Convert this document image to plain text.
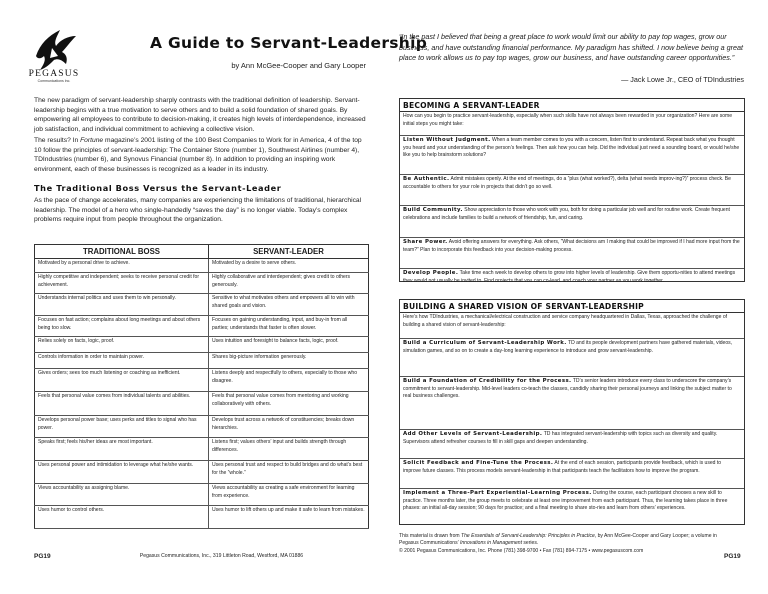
PEGASUS
Communications Inc.
A Guide to Servant-Leadership
by Ann McGee-Cooper and Gary Looper
“In the past I believed that being a great place to work would limit our ability to pay top wages, grow our business, and have outstanding financial performance. My paradigm has shifted. I now believe being a great place to work allows us to pay top wages, grow our business, and have outstanding career opportunities.”
— Jack Lowe Jr., CEO of TDIndustries
The new paradigm of servant-leadership sharply contrasts with the traditional definition of leadership. Servant-leadership begins with a true motivation to serve others and to build a solid foundation of shared goals. By empowering all employees to contribute to decision-making, it creates high levels of interdependence, increased job satisfaction, and individual commitment to achieving a collective vision.
The results? In Fortune magazine’s 2001 listing of the 100 Best Companies to Work for in America, 4 of the top 10 follow the principles of servant-leadership: The Container Store (number 1), Southwest Airlines (number 4), TDIndustries (number 6), and Synovus Financial (number 8). In addition to providing an inspiring work environment, each of these businesses is recognized as a leader in its industry.
The Traditional Boss Versus the Servant-Leader
As the pace of change accelerates, many companies are experiencing the limitations of traditional, hierarchical leadership. The model of a hero who single-handedly “saves the day” is no longer viable. Today’s complex problems require input from people throughout the organization.
TRADITIONAL BOSS	SERVANT-LEADER
Motivated by a personal drive to achieve.	Motivated by a desire to serve others.
Highly competitive and independent; seeks to receive personal credit for achievement.	Highly collaborative and interdependent; gives credit to others generously.
Understands internal politics and uses them to win personally.	Sensitive to what motivates others and empowers all to win with shared goals and vision.
Focuses on fast action; complains about long meetings and about others being too slow.	Focuses on gaining understanding, input, and buy-in from all parties; understands that faster is often slower.
Relies solely on facts, logic, proof.	Uses intuition and foresight to balance facts, logic, proof.
Controls information in order to maintain power.	Shares big-picture information generously.
Gives orders; sees too much listening or coaching as inefficient.	Listens deeply and respectfully to others, especially to those who disagree.
Feels that personal value comes from individual talents and abilities.	Feels that personal value comes from mentoring and working collaboratively with others.
Develops personal power base; uses perks and titles to signal who has power.	Develops trust across a network of constituencies; breaks down hierarchies.
Speaks first; feels his/her ideas are most important.	Listens first; values others’ input and builds strength through differences.
Uses personal power and intimidation to leverage what he/she wants.	Uses personal trust and respect to build bridges and do what’s best for the “whole.”
Views accountability as assigning blame.	Views accountability as creating a safe environment for learning from experience.
Uses humor to control others.	Uses humor to lift others up and make it safe to learn from mistakes.
BECOMING A SERVANT-LEADER
How can you begin to practice servant-leadership, especially when such skills have not always been rewarded in your organization? Here are some initial steps you might take:
Listen Without Judgment. When a team member comes to you with a concern, listen first to understand. Repeat back what you thought you heard and your understanding of the person’s feelings. Then ask how you can help. Did the individual just need a sounding board, or would he/she like you to help brainstorm solutions?
Be Authentic. Admit mistakes openly. At the end of meetings, do a “plus (what worked?), delta (what needs improv-ing?)” process check. Be accountable to others for your role in projects that didn’t go so well.
Build Community. Show appreciation to those who work with you, both for doing a particular job well and for routine work. Create frequent celebrations and include families to build a network of friendship, fun, and caring.
Share Power. Avoid offering answers for everything. Ask others, “What decisions am I making that could be improved if I had more input from the team?” Plan to incorporate this feedback into your decision-making process.
Develop People. Take time each week to develop others to grow into higher levels of leadership. Give them opportu-nities to attend meetings they would not usually be invited to. Find projects that you can co-lead, and coach your partner as you work together.
BUILDING A SHARED VISION OF SERVANT-LEADERSHIP
Here’s how TDIndustries, a mechanical/electrical construction and service company headquartered in Dallas, Texas, approached the challenge of building a shared vision of servant-leadership:
Build a Curriculum of Servant-Leadership Work. TD and its people development partners have gathered materials, videos, simulation games, and so on to create a day-long learning experience to introduce and grow servant-leadership.
Build a Foundation of Credibility for the Process. TD’s senior leaders introduce every class to underscore the company’s commitment to servant-leadership. Mid-level leaders co-teach the classes, candidly sharing their personal journeys and linking the subject matter to real business challenges.
Add Other Levels of Servant-Leadership. TD has integrated servant-leadership with topics such as diversity and quality. Supervisors attend refresher courses to fill in skill gaps and deepen understanding.
Solicit Feedback and Fine-Tune the Process. At the end of each session, participants provide feedback, which is used to improve future classes. This process models servant-leadership in that participants teach the facilitators how to improve the program.
Implement a Three-Part Experiential-Learning Process. During the course, each participant chooses a new skill to practice. Three months later, the group meets to celebrate at least one improvement from each participant. Thus, the learning takes place in three phases: an initial all-day session; 90 days for practice; and a final meeting to share sto-ries and learn from others’ experiences.
This material is drawn from The Essentials of Servant-Leadership: Principles in Practice, by Ann McGee-Cooper and Gary Looper; a volume in Pegasus Communications’ Innovations in Management series.
© 2001 Pegasus Communications, Inc. Phone (781) 398-9700 • Fax (781) 894-7175 • www.pegasuscom.com
PG19	Pegasus Communications, Inc., 319 Littleton Road, Westford, MA 01886	PG19
